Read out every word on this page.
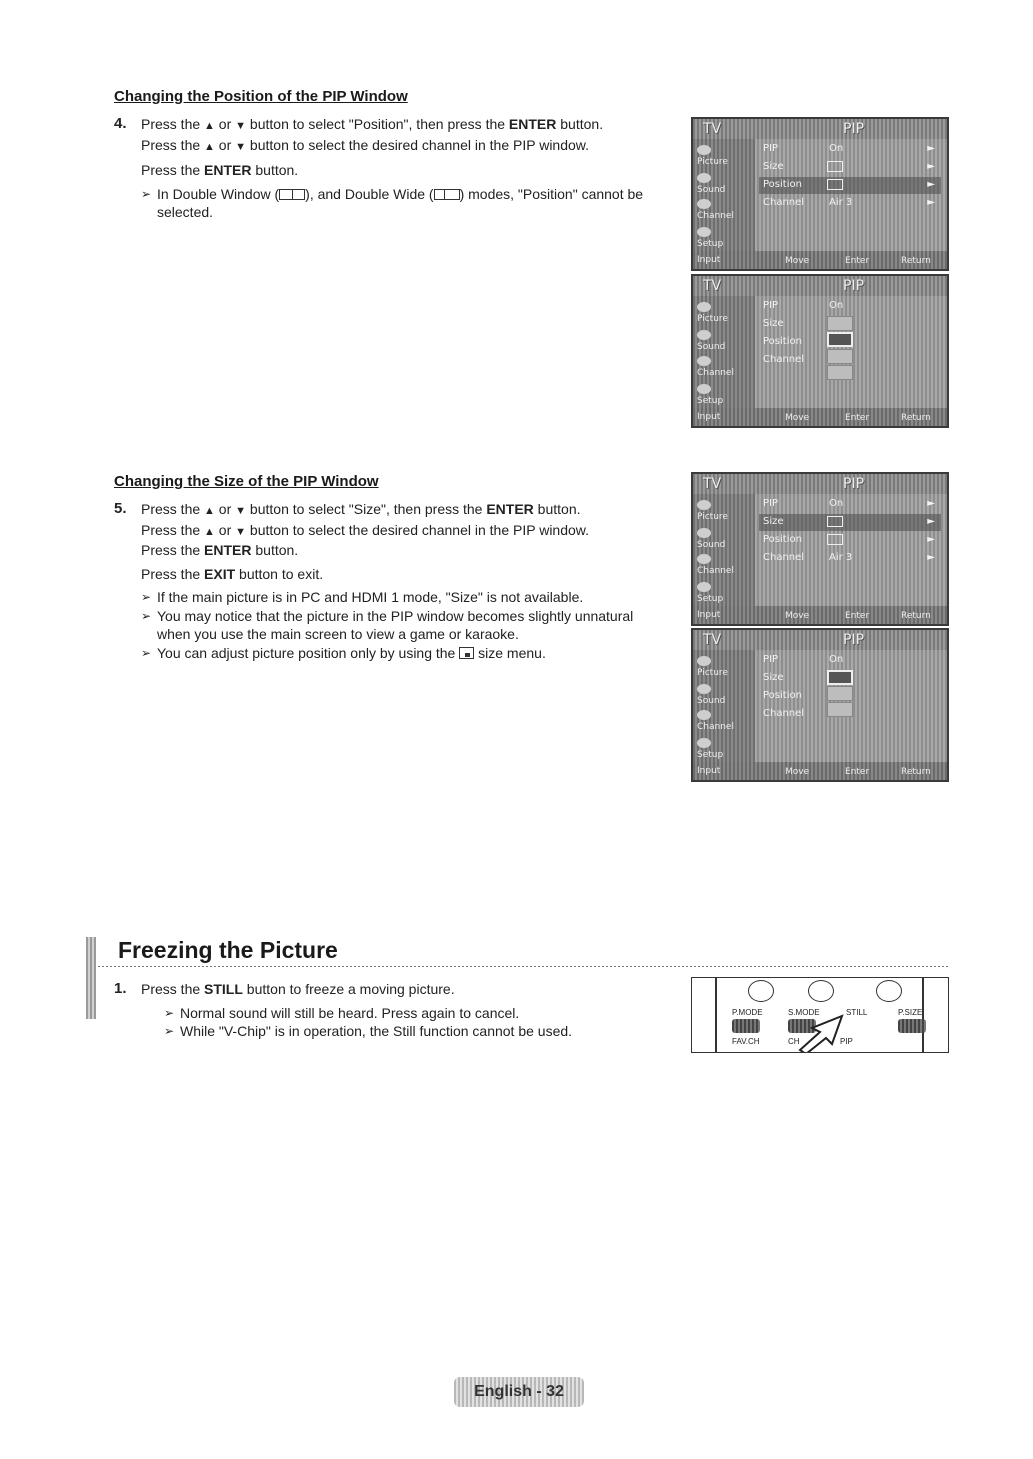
Changing the Position of the PIP Window
4. Press the ▲ or ▼ button to select "Position", then press the ENTER button.

Press the ▲ or ▼ button to select the desired channel in the PIP window.

Press the ENTER button.

➢ In Double Window ( ), and Double Wide ( ) modes, "Position" cannot be

selected.

TV	PIP
Picture
Sound
Channel
Setup
PIP	On	►
Size	►
Position	►
Channel Air 3	►
Input	Move	Enter	Return
TV	PIP
Picture
Sound
Channel
Setup
PIP	On
Size
Position
Channel
Input	Move	Enter	Return
Changing the Size of the PIP Window
5. Press the ▲ or ▼ button to select "Size", then press the ENTER button.

Press the ▲ or ▼ button to select the desired channel in the PIP window.

Press the ENTER button.

Press the EXIT button to exit.

➢ If the main picture is in PC and HDMI 1 mode, "Size" is not available.

➢ You may notice that the picture in the PIP window becomes slightly unnatural

when you use the main screen to view a game or karaoke.

➢ You can adjust picture position only by using the  size menu.

TV	PIP
Picture
Sound
Channel
Setup
PIP	On	►
Size	►
Position	►
Channel Air 3	►
Input	Move	Enter	Return
TV	PIP
Picture
Sound
Channel
Setup
PIP	On
Size
Position
Channel
Input	Move	Enter	Return
Freezing the Picture
1. Press the STILL button to freeze a moving picture.

➢ Normal sound will still be heard. Press again to cancel.

➢ While "V-Chip" is in operation, the Still function cannot be used.

P.MODE	S.MODE	STILL	P.SIZE
FAV.CH	CH	PIP
English - 32
